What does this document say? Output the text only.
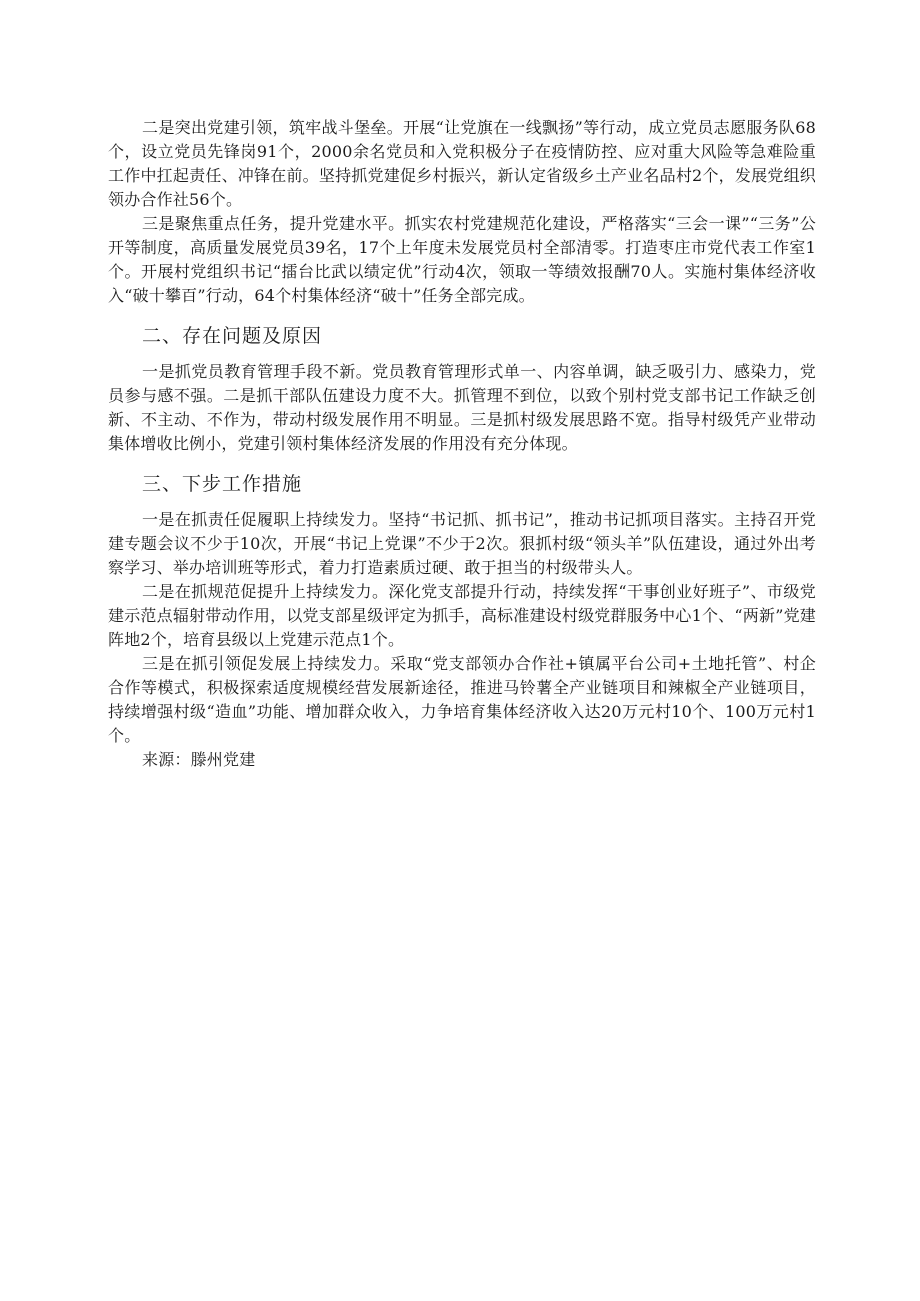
二是突出党建引领，筑牢战斗堡垒。开展“让党旗在一线飘扬”等行动，成立党员志愿服务队68个，设立党员先锋岗91个，2000余名党员和入党积极分子在疫情防控、应对重大风险等急难险重工作中扛起责任、冲锋在前。坚持抓党建促乡村振兴，新认定省级乡土产业名品村2个，发展党组织领办合作社56个。

三是聚焦重点任务，提升党建水平。抓实农村党建规范化建设，严格落实“三会一课”“三务”公开等制度，高质量发展党员39名，17个上年度未发展党员村全部清零。打造枣庄市党代表工作室1个。开展村党组织书记“擂台比武以绩定优”行动4次，领取一等绩效报酬70人。实施村集体经济收入“破十攀百”行动，64个村集体经济“破十”任务全部完成。

二、存在问题及原因

一是抓党员教育管理手段不新。党员教育管理形式单一、内容单调，缺乏吸引力、感染力，党员参与感不强。二是抓干部队伍建设力度不大。抓管理不到位，以致个别村党支部书记工作缺乏创新、不主动、不作为，带动村级发展作用不明显。三是抓村级发展思路不宽。指导村级凭产业带动集体增收比例小，党建引领村集体经济发展的作用没有充分体现。

三、下步工作措施

一是在抓责任促履职上持续发力。坚持“书记抓、抓书记”，推动书记抓项目落实。主持召开党建专题会议不少于10次，开展“书记上党课”不少于2次。狠抓村级“领头羊”队伍建设，通过外出考察学习、举办培训班等形式，着力打造素质过硬、敢于担当的村级带头人。

二是在抓规范促提升上持续发力。深化党支部提升行动，持续发挥“干事创业好班子”、市级党建示范点辐射带动作用，以党支部星级评定为抓手，高标准建设村级党群服务中心1个、“两新”党建阵地2个，培育县级以上党建示范点1个。

三是在抓引领促发展上持续发力。采取“党支部领办合作社+镇属平台公司+土地托管”、村企合作等模式，积极探索适度规模经营发展新途径，推进马铃薯全产业链项目和辣椒全产业链项目，持续增强村级“造血”功能、增加群众收入，力争培育集体经济收入达20万元村10个、100万元村1个。

来源：滕州党建
